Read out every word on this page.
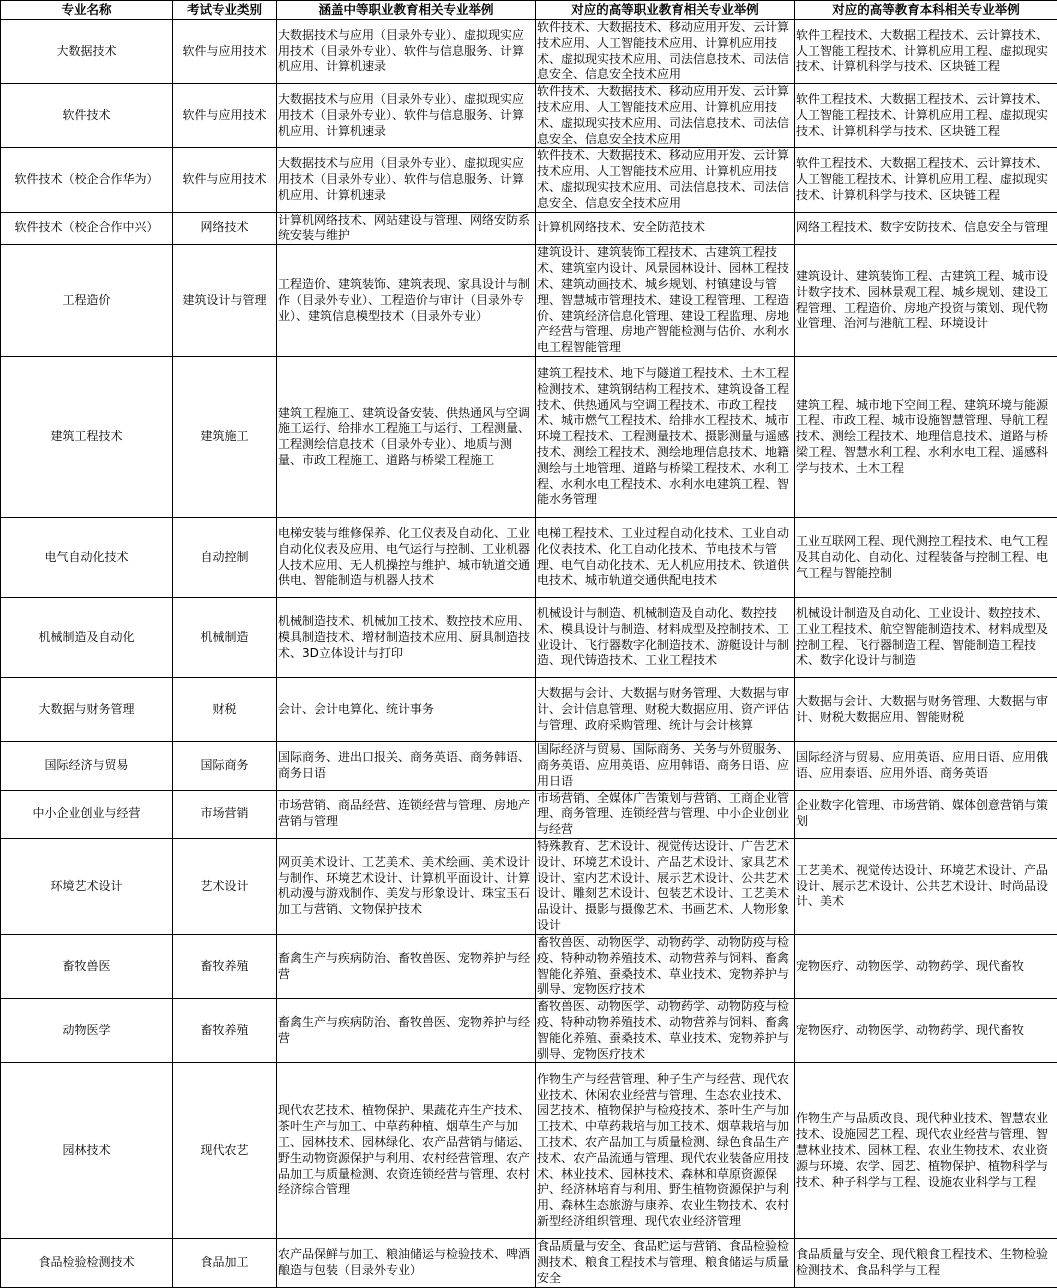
专业名称	考试专业类别	涵盖中等职业教育相关专业举例	对应的高等职业教育相关专业举例	对应的高等教育本科相关专业举例
大数据技术	软件与应用技术	大数据技术与应用（目录外专业）、虚拟现实应用技术（目录外专业）、软件与信息服务、计算机应用、计算机速录	软件技术、大数据技术、移动应用开发、云计算技术应用、人工智能技术应用、计算机应用技术、虚拟现实技术应用、司法信息技术、司法信息安全、信息安全技术应用	软件工程技术、大数据工程技术、云计算技术、人工智能工程技术、计算机应用工程、虚拟现实技术、计算机科学与技术、区块链工程
软件技术	软件与应用技术	大数据技术与应用（目录外专业）、虚拟现实应用技术（目录外专业）、软件与信息服务、计算机应用、计算机速录	软件技术、大数据技术、移动应用开发、云计算技术应用、人工智能技术应用、计算机应用技术、虚拟现实技术应用、司法信息技术、司法信息安全、信息安全技术应用	软件工程技术、大数据工程技术、云计算技术、人工智能工程技术、计算机应用工程、虚拟现实技术、计算机科学与技术、区块链工程
软件技术（校企合作华为）	软件与应用技术	大数据技术与应用（目录外专业）、虚拟现实应用技术（目录外专业）、软件与信息服务、计算机应用、计算机速录	软件技术、大数据技术、移动应用开发、云计算技术应用、人工智能技术应用、计算机应用技术、虚拟现实技术应用、司法信息技术、司法信息安全、信息安全技术应用	软件工程技术、大数据工程技术、云计算技术、人工智能工程技术、计算机应用工程、虚拟现实技术、计算机科学与技术、区块链工程
软件技术（校企合作中兴）	网络技术	计算机网络技术、网站建设与管理、网络安防系统安装与维护	计算机网络技术、安全防范技术	网络工程技术、数字安防技术、信息安全与管理
工程造价	建筑设计与管理	工程造价、建筑装饰、建筑表现、家具设计与制作（目录外专业）、工程造价与审计（目录外专业）、建筑信息模型技术（目录外专业）	建筑设计、建筑装饰工程技术、古建筑工程技术、建筑室内设计、风景园林设计、园林工程技术、建筑动画技术、城乡规划、村镇建设与管理、智慧城市管理技术、建设工程管理、工程造价、建筑经济信息化管理、建设工程监理、房地产经营与管理、房地产智能检测与估价、水利水电工程智能管理	建筑设计、建筑装饰工程、古建筑工程、城市设计数字技术、园林景观工程、城乡规划、建设工程管理、工程造价、房地产投资与策划、现代物业管理、治河与港航工程、环境设计
建筑工程技术	建筑施工	建筑工程施工、建筑设备安装、供热通风与空调施工运行、给排水工程施工与运行、工程测量、工程测绘信息技术（目录外专业）、地质与测量、市政工程施工、道路与桥梁工程施工	建筑工程技术、地下与隧道工程技术、土木工程检测技术、建筑钢结构工程技术、建筑设备工程技术、供热通风与空调工程技术、市政工程技术、城市燃气工程技术、给排水工程技术、城市环境工程技术、工程测量技术、摄影测量与遥感技术、测绘工程技术、测绘地理信息技术、地籍测绘与土地管理、道路与桥梁工程技术、水利工程、水利水电工程技术、水利水电建筑工程、智能水务管理	建筑工程、城市地下空间工程、建筑环境与能源工程、市政工程、城市设施智慧管理、导航工程技术、测绘工程技术、地理信息技术、道路与桥梁工程、智慧水利工程、水利水电工程、遥感科学与技术、土木工程
电气自动化技术	自动控制	电梯安装与维修保养、化工仪表及自动化、工业自动化仪表及应用、电气运行与控制、工业机器人技术应用、无人机操控与维护、城市轨道交通供电、智能制造与机器人技术	电梯工程技术、工业过程自动化技术、工业自动化仪表技术、化工自动化技术、节电技术与管理、电气自动化技术、无人机应用技术、铁道供电技术、城市轨道交通供配电技术	工业互联网工程、现代测控工程技术、电气工程及其自动化、自动化、过程装备与控制工程、电气工程与智能控制
机械制造及自动化	机械制造	机械制造技术、机械加工技术、数控技术应用、模具制造技术、增材制造技术应用、厨具制造技术、3D立体设计与打印	机械设计与制造、机械制造及自动化、数控技术、模具设计与制造、材料成型及控制技术、工业设计、飞行器数字化制造技术、游艇设计与制造、现代铸造技术、工业工程技术	机械设计制造及自动化、工业设计、数控技术、工业工程技术、航空智能制造技术、材料成型及控制工程、飞行器制造工程、智能制造工程技术、数字化设计与制造
大数据与财务管理	财税	会计、会计电算化、统计事务	大数据与会计、大数据与财务管理、大数据与审计、会计信息管理、财税大数据应用、资产评估与管理、政府采购管理、统计与会计核算	大数据与会计、大数据与财务管理、大数据与审计、财税大数据应用、智能财税
国际经济与贸易	国际商务	国际商务、进出口报关、商务英语、商务韩语、商务日语	国际经济与贸易、国际商务、关务与外贸服务、商务英语、应用英语、应用韩语、商务日语、应用日语	国际经济与贸易、应用英语、应用日语、应用俄语、应用泰语、应用外语、商务英语
中小企业创业与经营	市场营销	市场营销、商品经营、连锁经营与管理、房地产营销与管理	市场营销、全媒体广告策划与营销、工商企业管理、商务管理、连锁经营与管理、中小企业创业与经营	企业数字化管理、市场营销、媒体创意营销与策划
环境艺术设计	艺术设计	网页美术设计、工艺美术、美术绘画、美术设计与制作、环境艺术设计、计算机平面设计、计算机动漫与游戏制作、美发与形象设计、珠宝玉石加工与营销、文物保护技术	特殊教育、艺术设计、视觉传达设计、广告艺术设计、环境艺术设计、产品艺术设计、家具艺术设计、室内艺术设计、展示艺术设计、公共艺术设计、雕刻艺术设计、包装艺术设计、工艺美术品设计、摄影与摄像艺术、书画艺术、人物形象设计	工艺美术、视觉传达设计、环境艺术设计、产品设计、展示艺术设计、公共艺术设计、时尚品设计、美术
畜牧兽医	畜牧养殖	畜禽生产与疾病防治、畜牧兽医、宠物养护与经营	畜牧兽医、动物医学、动物药学、动物防疫与检疫、特种动物养殖技术、动物营养与饲料、畜禽智能化养殖、蚕桑技术、草业技术、宠物养护与驯导、宠物医疗技术	宠物医疗、动物医学、动物药学、现代畜牧
动物医学	畜牧养殖	畜禽生产与疾病防治、畜牧兽医、宠物养护与经营	畜牧兽医、动物医学、动物药学、动物防疫与检疫、特种动物养殖技术、动物营养与饲料、畜禽智能化养殖、蚕桑技术、草业技术、宠物养护与驯导、宠物医疗技术	宠物医疗、动物医学、动物药学、现代畜牧
园林技术	现代农艺	现代农艺技术、植物保护、果蔬花卉生产技术、茶叶生产与加工、中草药种植、烟草生产与加工、园林技术、园林绿化、农产品营销与储运、野生动物资源保护与利用、农村经营管理、农产品加工与质量检测、农资连锁经营与管理、农村经济综合管理	作物生产与经营管理、种子生产与经营、现代农业技术、休闲农业经营与管理、生态农业技术、园艺技术、植物保护与检疫技术、茶叶生产与加工技术、中草药栽培与加工技术、烟草栽培与加工技术、农产品加工与质量检测、绿色食品生产技术、农产品流通与管理、现代农业装备应用技术、林业技术、园林技术、森林和草原资源保护、经济林培育与利用、野生植物资源保护与利用、森林生态旅游与康养、农业生物技术、农村新型经济组织管理、现代农业经济管理	作物生产与品质改良、现代种业技术、智慧农业技术、设施园艺工程、现代农业经营与管理、智慧林业技术、园林工程、农业生物技术、农业资源与环境、农学、园艺、植物保护、植物科学与技术、种子科学与工程、设施农业科学与工程
食品检验检测技术	食品加工	农产品保鲜与加工、粮油储运与检验技术、啤酒酿造与包装（目录外专业）	食品质量与安全、食品贮运与营销、食品检验检测技术、粮食工程技术与管理、粮食储运与质量安全	食品质量与安全、现代粮食工程技术、生物检验检测技术、食品科学与工程
